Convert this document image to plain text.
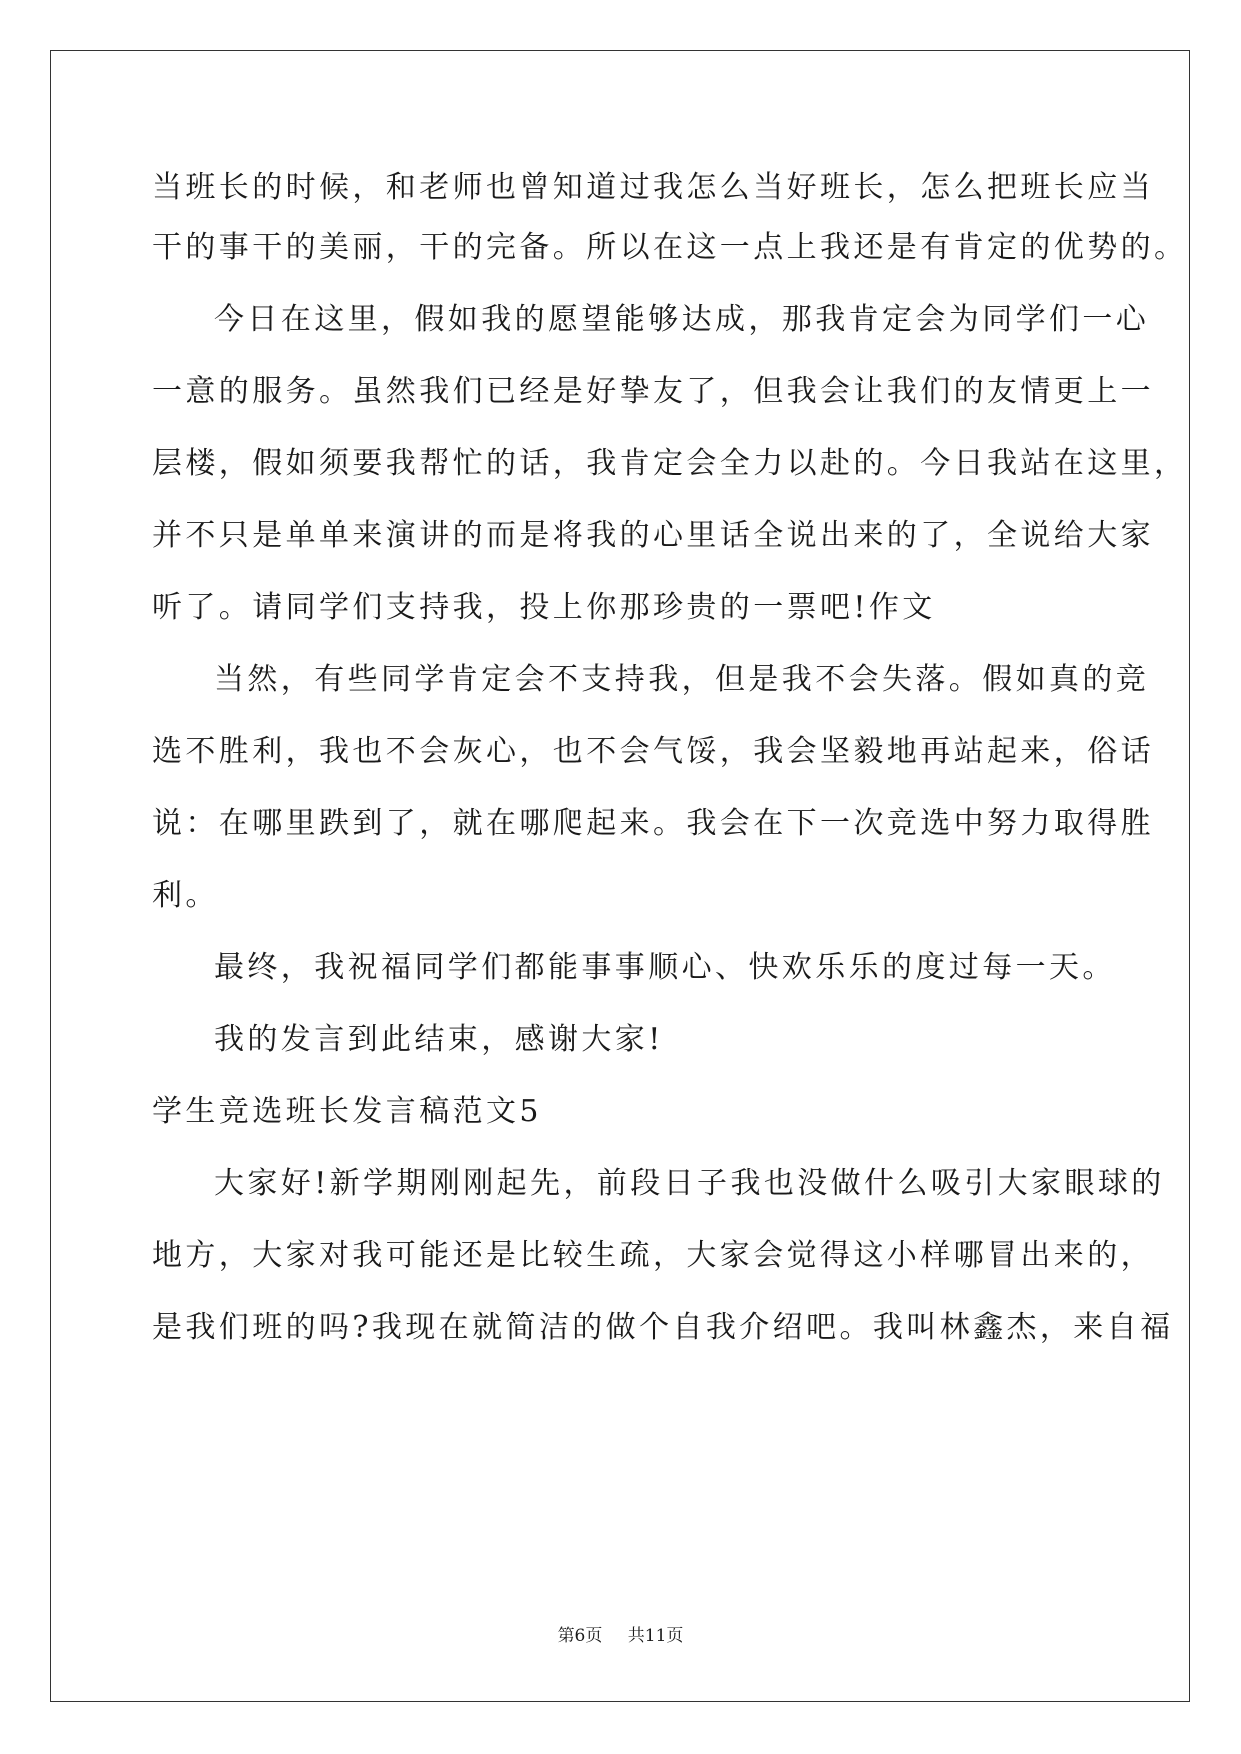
当班长的时候，和老师也曾知道过我怎么当好班长，怎么把班长应当
干的事干的美丽，干的完备。所以在这一点上我还是有肯定的优势的。
今日在这里，假如我的愿望能够达成，那我肯定会为同学们一心
一意的服务。虽然我们已经是好挚友了，但我会让我们的友情更上一
层楼，假如须要我帮忙的话，我肯定会全力以赴的。今日我站在这里，
并不只是单单来演讲的而是将我的心里话全说出来的了，全说给大家
听了。请同学们支持我，投上你那珍贵的一票吧!作文
当然，有些同学肯定会不支持我，但是我不会失落。假如真的竞
选不胜利，我也不会灰心，也不会气馁，我会坚毅地再站起来，俗话
说：在哪里跌到了，就在哪爬起来。我会在下一次竞选中努力取得胜
利。
最终，我祝福同学们都能事事顺心、快欢乐乐的度过每一天。
我的发言到此结束，感谢大家!
学生竞选班长发言稿范文5
大家好!新学期刚刚起先，前段日子我也没做什么吸引大家眼球的
地方，大家对我可能还是比较生疏，大家会觉得这小样哪冒出来的，
是我们班的吗?我现在就简洁的做个自我介绍吧。我叫林鑫杰，来自福
第6页 共11页
